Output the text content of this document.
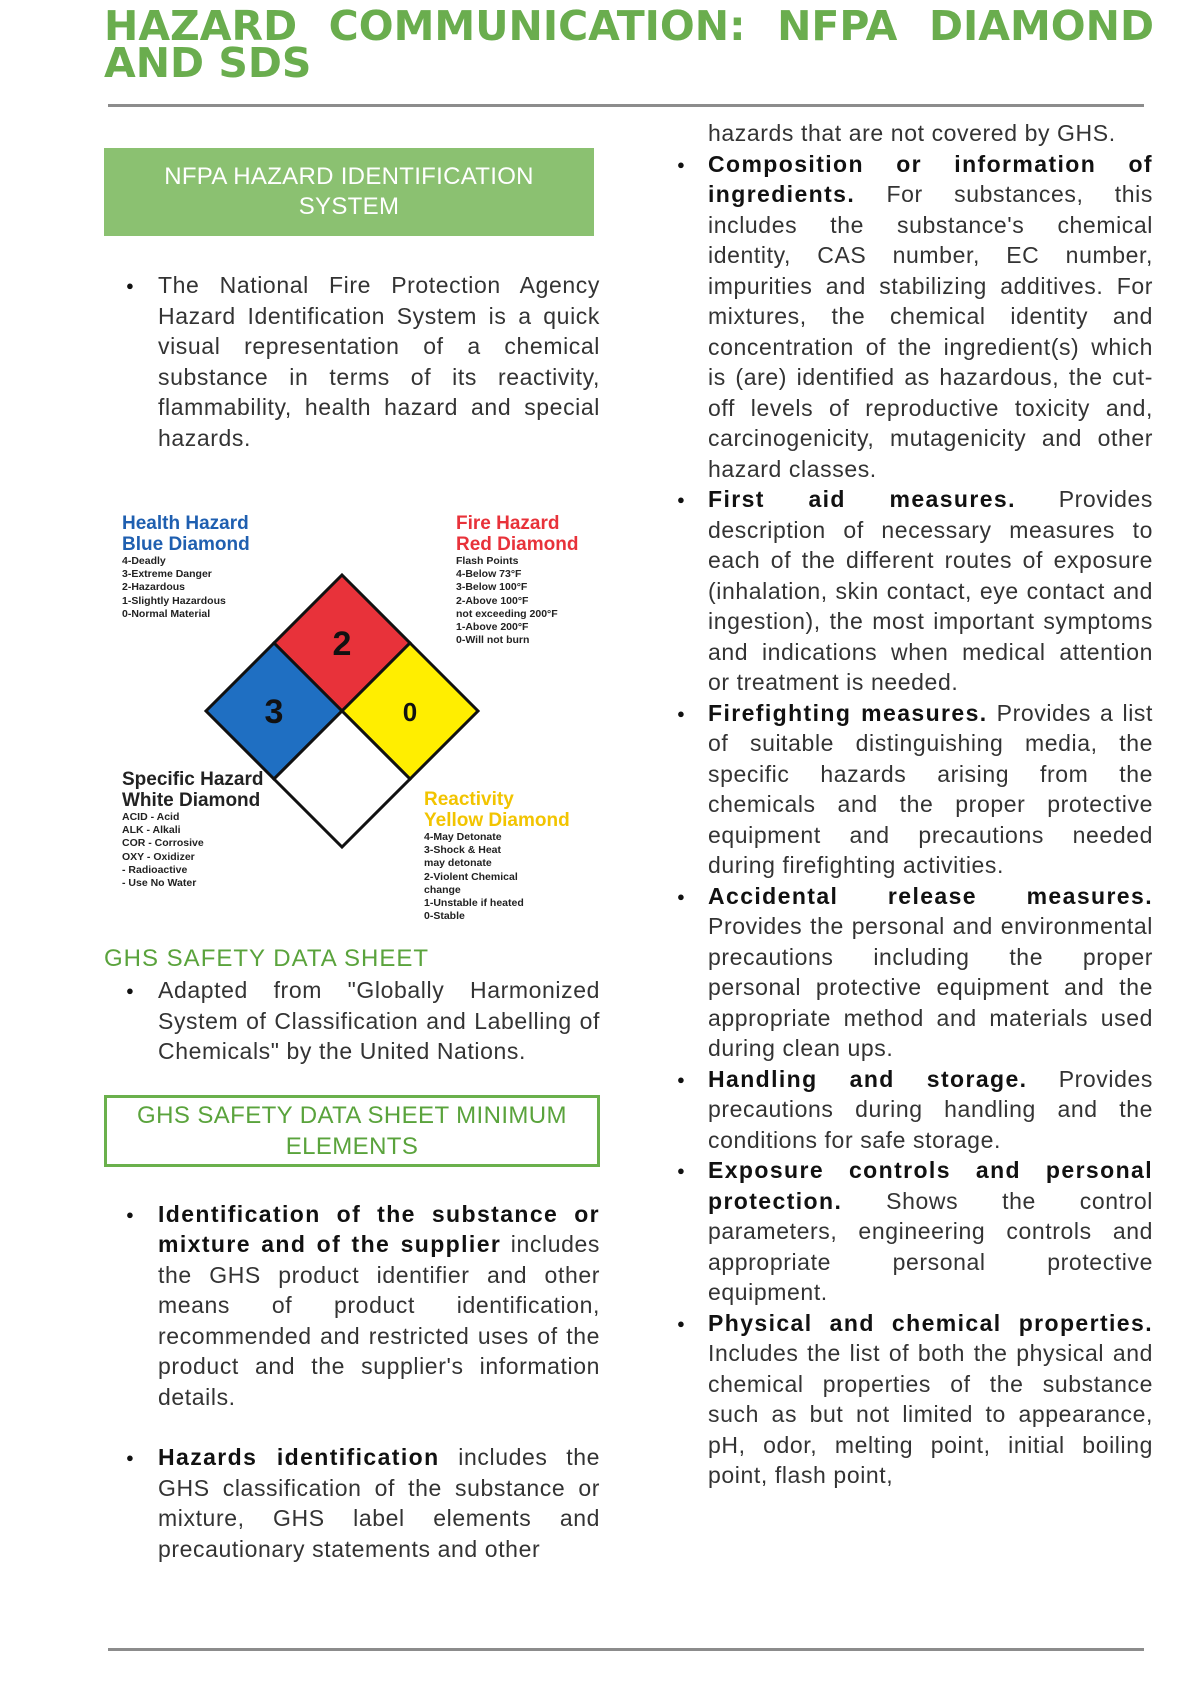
HAZARD COMMUNICATION: NFPA DIAMOND AND SDS
NFPA HAZARD IDENTIFICATION SYSTEM

● The National Fire Protection Agency Hazard Identification System is a quick visual representation of a chemical substance in terms of its reactivity, flammability, health hazard and special hazards.

Health Hazard
Blue Diamond
4-Deadly
3-Extreme Danger
2-Hazardous
1-Slightly Hazardous
0-Normal Material
Fire Hazard
Red Diamond
Flash Points
4-Below 73°F
3-Below 100°F
2-Above 100°F
not exceeding 200°F
1-Above 200°F
0-Will not burn
Specific Hazard
White Diamond
ACID - Acid
ALK - Alkali
COR - Corrosive
OXY - Oxidizer
- Radioactive
- Use No Water
Reactivity
Yellow Diamond
4-May Detonate
3-Shock & Heat
may detonate
2-Violent Chemical
change
1-Unstable if heated
0-Stable
2
3	0

GHS SAFETY DATA SHEET

● Adapted from "Globally Harmonized System of Classification and Labelling of Chemicals" by the United Nations.

GHS SAFETY DATA SHEET MINIMUM ELEMENTS

● Identification of the substance or mixture and of the supplier includes the GHS product identifier and other means of product identification, recommended and restricted uses of the product and the supplier's information details.

● Hazards identification includes the GHS classification of the substance or mixture, GHS label elements and precautionary statements and other

hazards that are not covered by GHS.

● Composition or information of ingredients. For substances, this includes the substance's chemical identity, CAS number, EC number, impurities and stabilizing additives. For mixtures, the chemical identity and concentration of the ingredient(s) which is (are) identified as hazardous, the cut-off levels of reproductive toxicity and, carcinogenicity, mutagenicity and other hazard classes.

● First aid measures. Provides description of necessary measures to each of the different routes of exposure (inhalation, skin contact, eye contact and ingestion), the most important symptoms and indications when medical attention or treatment is needed.

● Firefighting measures. Provides a list of suitable distinguishing media, the specific hazards arising from the chemicals and the proper protective equipment and precautions needed during firefighting activities.

● Accidental release measures. Provides the personal and environmental precautions including the proper personal protective equipment and the appropriate method and materials used during clean ups.

● Handling and storage. Provides precautions during handling and the conditions for safe storage.

● Exposure controls and personal protection. Shows the control parameters, engineering controls and appropriate personal protective equipment.

● Physical and chemical properties. Includes the list of both the physical and chemical properties of the substance such as but not limited to appearance, pH, odor, melting point, initial boiling point, flash point,
